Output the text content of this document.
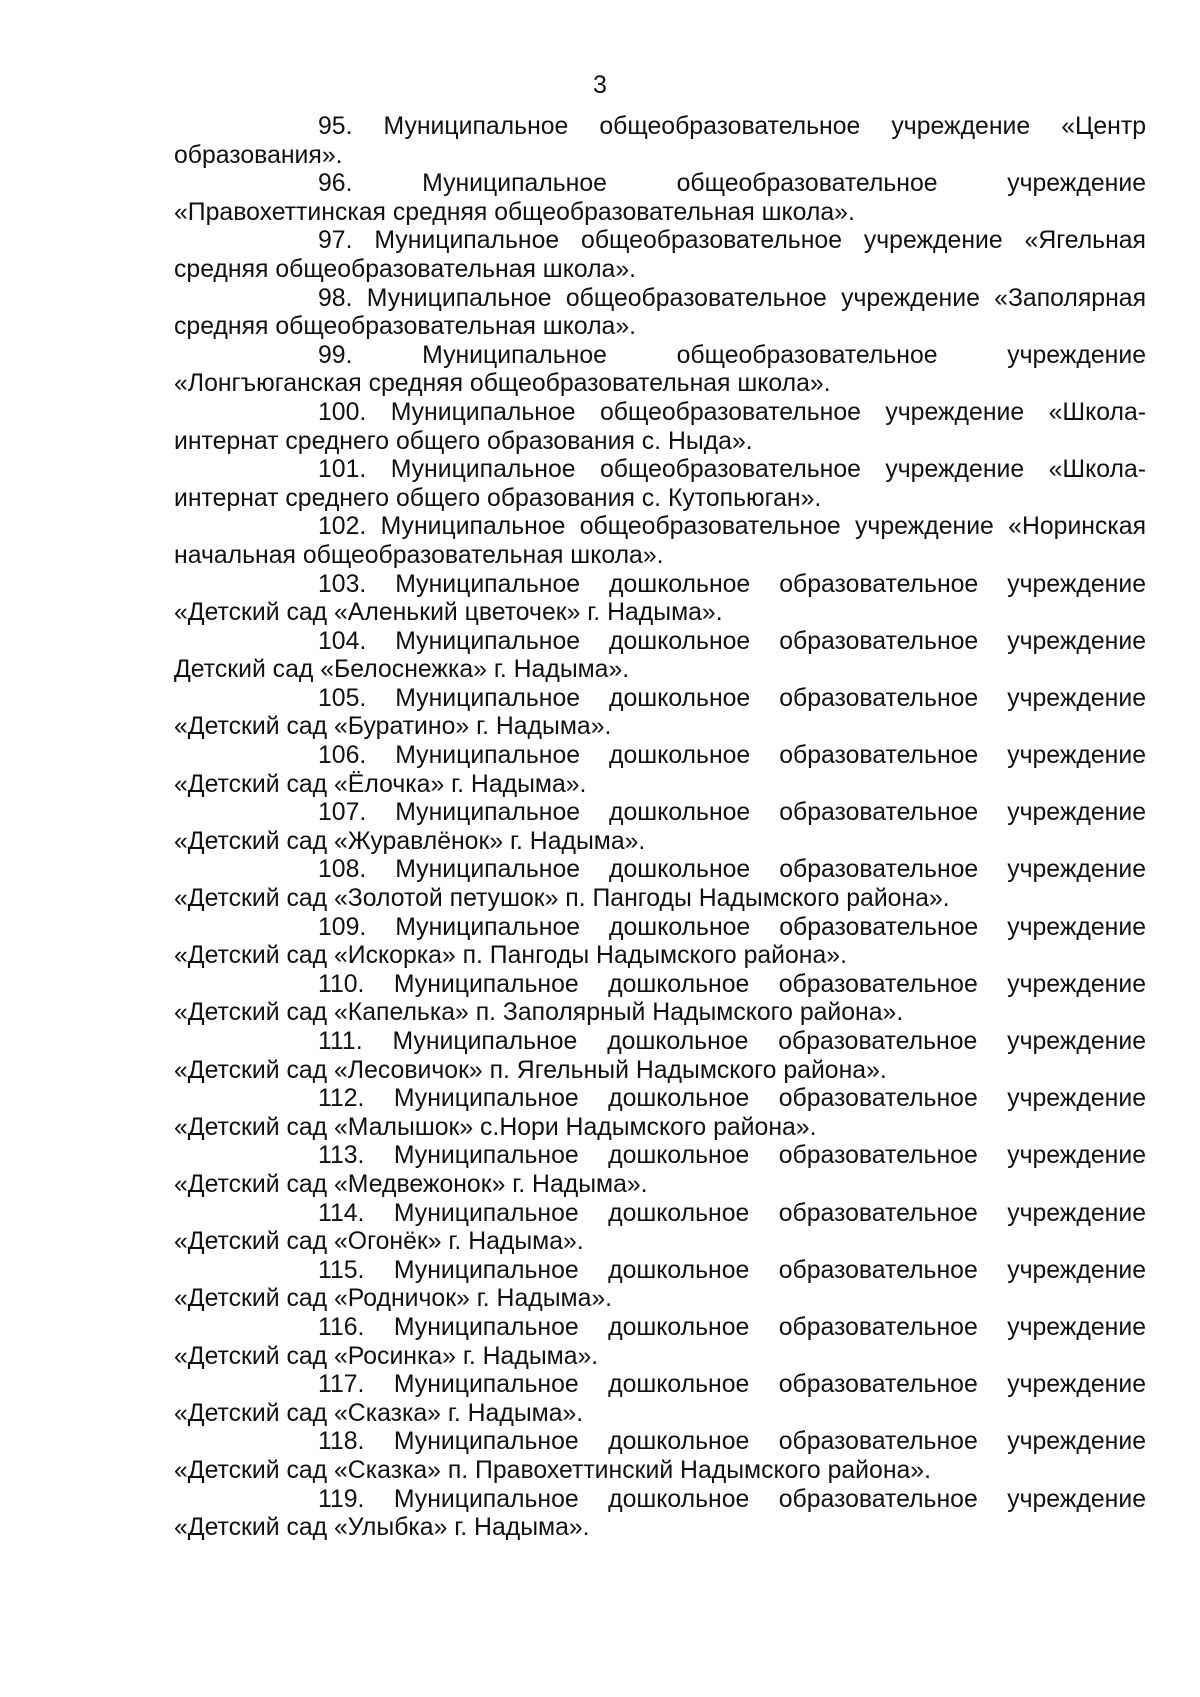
3

95. Муниципальное общеобразовательное учреждение «Центр образования».

96.	Муниципальное общеобразовательное учреждение «Правохеттинская средняя общеобразовательная школа».

97. Муниципальное общеобразовательное учреждение «Ягельная средняя общеобразовательная школа».

98. Муниципальное общеобразовательное учреждение «Заполярная средняя общеобразовательная школа».

99.	Муниципальное общеобразовательное учреждение «Лонгъюганская средняя общеобразовательная школа».

100. Муниципальное общеобразовательное учреждение «Школа-интернат среднего общего образования с. Ныда».

101. Муниципальное общеобразовательное учреждение «Школа-интернат среднего общего образования с. Кутопьюган».

102. Муниципальное общеобразовательное учреждение «Норинская начальная общеобразовательная школа».

103. Муниципальное дошкольное образовательное учреждение «Детский сад «Аленький цветочек» г. Надыма».

104. Муниципальное дошкольное образовательное учреждение Детский сад «Белоснежка» г. Надыма».

105. Муниципальное дошкольное образовательное учреждение «Детский сад «Буратино» г. Надыма».

106. Муниципальное дошкольное образовательное учреждение «Детский сад «Ёлочка» г. Надыма».

107. Муниципальное дошкольное образовательное учреждение «Детский сад «Журавлёнок» г. Надыма».

108. Муниципальное дошкольное образовательное учреждение «Детский сад «Золотой петушок» п. Пангоды Надымского района».

109. Муниципальное дошкольное образовательное учреждение «Детский сад «Искорка» п. Пангоды Надымского района».

110. Муниципальное дошкольное образовательное учреждение «Детский сад «Капелька» п. Заполярный Надымского района».

111. Муниципальное дошкольное образовательное учреждение «Детский сад «Лесовичок» п. Ягельный Надымского района».

112. Муниципальное дошкольное образовательное учреждение «Детский сад «Малышок» с.Нори Надымского района».

113. Муниципальное дошкольное образовательное учреждение «Детский сад «Медвежонок» г. Надыма».

114. Муниципальное дошкольное образовательное учреждение «Детский сад «Огонёк» г. Надыма».

115. Муниципальное дошкольное образовательное учреждение «Детский сад «Родничок» г. Надыма».

116. Муниципальное дошкольное образовательное учреждение «Детский сад «Росинка» г. Надыма».

117. Муниципальное дошкольное образовательное учреждение «Детский сад «Сказка» г. Надыма».

118. Муниципальное дошкольное образовательное учреждение «Детский сад «Сказка» п. Правохеттинский Надымского района».

119. Муниципальное дошкольное образовательное учреждение «Детский сад «Улыбка» г. Надыма».
